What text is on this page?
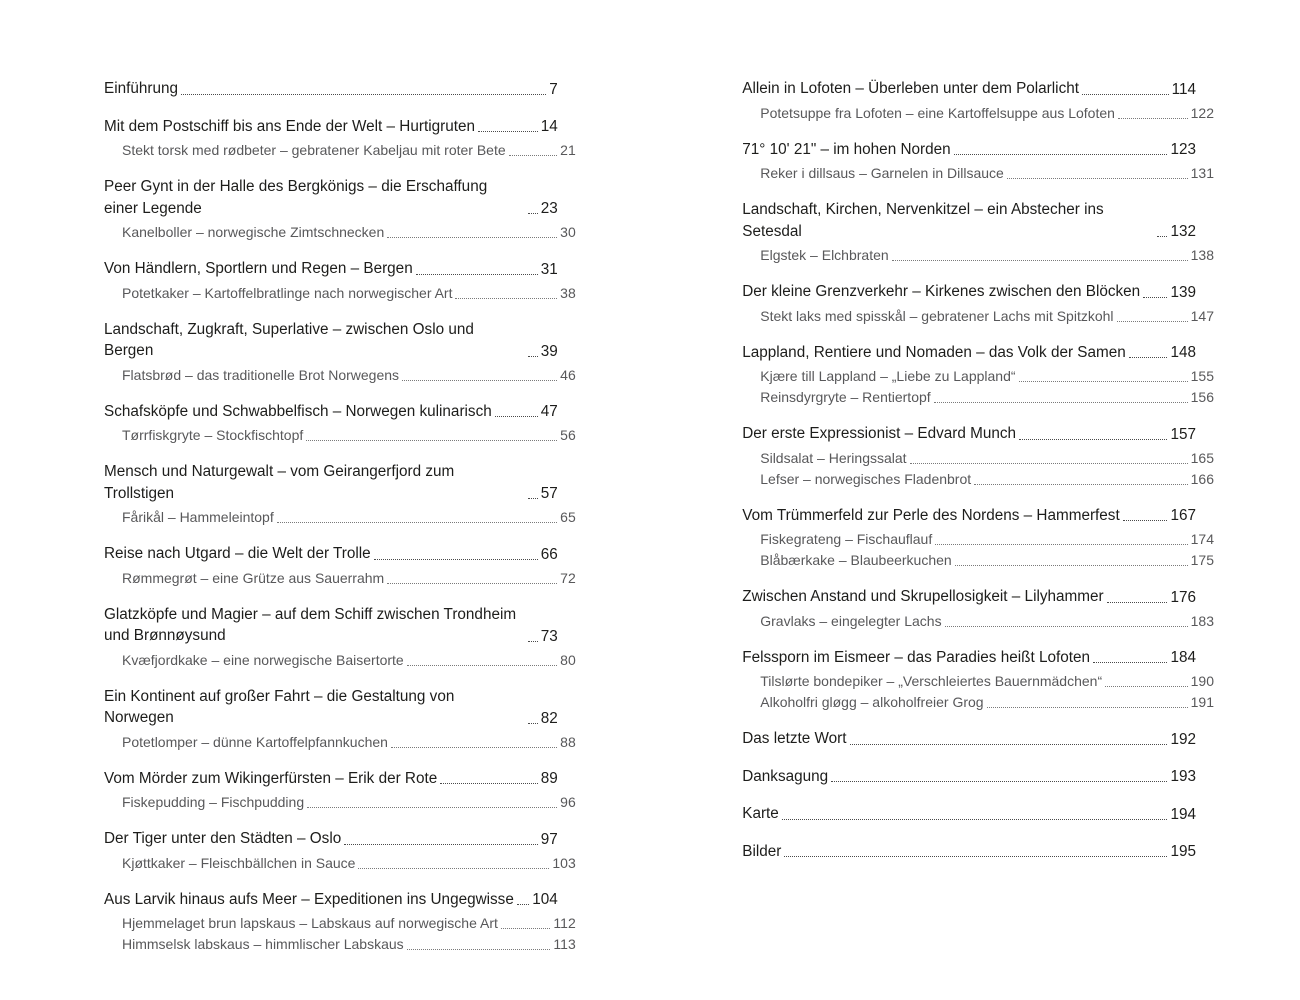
Einführung	7
Mit dem Postschiff bis ans Ende der Welt – Hurtigruten	14
Stekt torsk med rødbeter – gebratener Kabeljau mit roter Bete	21
Peer Gynt in der Halle des Bergkönigs – die Erschaffung einer Legende	23
Kanelboller – norwegische Zimtschnecken	30
Von Händlern, Sportlern und Regen – Bergen	31
Potetkaker – Kartoffelbratlinge nach norwegischer Art	38
Landschaft, Zugkraft, Superlative – zwischen Oslo und Bergen	39
Flatsbrød – das traditionelle Brot Norwegens	46
Schafsköpfe und Schwabbelfisch – Norwegen kulinarisch	47
Tørrfiskgryte – Stockfischtopf	56
Mensch und Naturgewalt – vom Geirangerfjord zum Trollstigen	57
Fårikål – Hammeleintopf	65
Reise nach Utgard – die Welt der Trolle	66
Rømmegrøt – eine Grütze aus Sauerrahm	72
Glatzköpfe und Magier – auf dem Schiff zwischen Trondheim und Brønnøysund	73
Kvæfjordkake – eine norwegische Baisertorte	80
Ein Kontinent auf großer Fahrt – die Gestaltung von Norwegen	82
Potetlomper – dünne Kartoffelpfannkuchen	88
Vom Mörder zum Wikingerfürsten – Erik der Rote	89
Fiskepudding – Fischpudding	96
Der Tiger unter den Städten – Oslo	97
Kjøttkaker – Fleischbällchen in Sauce	103
Aus Larvik hinaus aufs Meer – Expeditionen ins Ungegwisse 104
Hjemmelaget brun lapskaus – Labskaus auf norwegische Art	112
Himmselsk labskaus – himmlischer Labskaus	113
Allein in Lofoten – Überleben unter dem Polarlicht	114
Potetsuppe fra Lofoten – eine Kartoffelsuppe aus Lofoten	122
71° 10' 21" – im hohen Norden	123
Reker i dillsaus – Garnelen in Dillsauce	131
Landschaft, Kirchen, Nervenkitzel – ein Abstecher ins Setesdal	132
Elgstek – Elchbraten	138
Der kleine Grenzverkehr – Kirkenes zwischen den Blöcken 139
Stekt laks med spisskål – gebratener Lachs mit Spitzkohl	147
Lappland, Rentiere und Nomaden – das Volk der Samen	148
Kjære till Lappland – „Liebe zu Lappland“	155
Reinsdyrgryte – Rentiertopf	156
Der erste Expressionist – Edvard Munch	157
Sildsalat – Heringssalat	165
Lefser – norwegisches Fladenbrot	166
Vom Trümmerfeld zur Perle des Nordens – Hammerfest	167
Fiskegrateng – Fischauflauf	174
Blåbærkake – Blaubeerkuchen	175
Zwischen Anstand und Skrupellosigkeit – Lilyhammer	176
Gravlaks – eingelegter Lachs	183
Felssporn im Eismeer – das Paradies heißt Lofoten	184
Tilslørte bondepiker – „Verschleiertes Bauernmädchen“	190
Alkoholfri gløgg – alkoholfreier Grog	191
Das letzte Wort	192
Danksagung	193
Karte	194
Bilder	195
